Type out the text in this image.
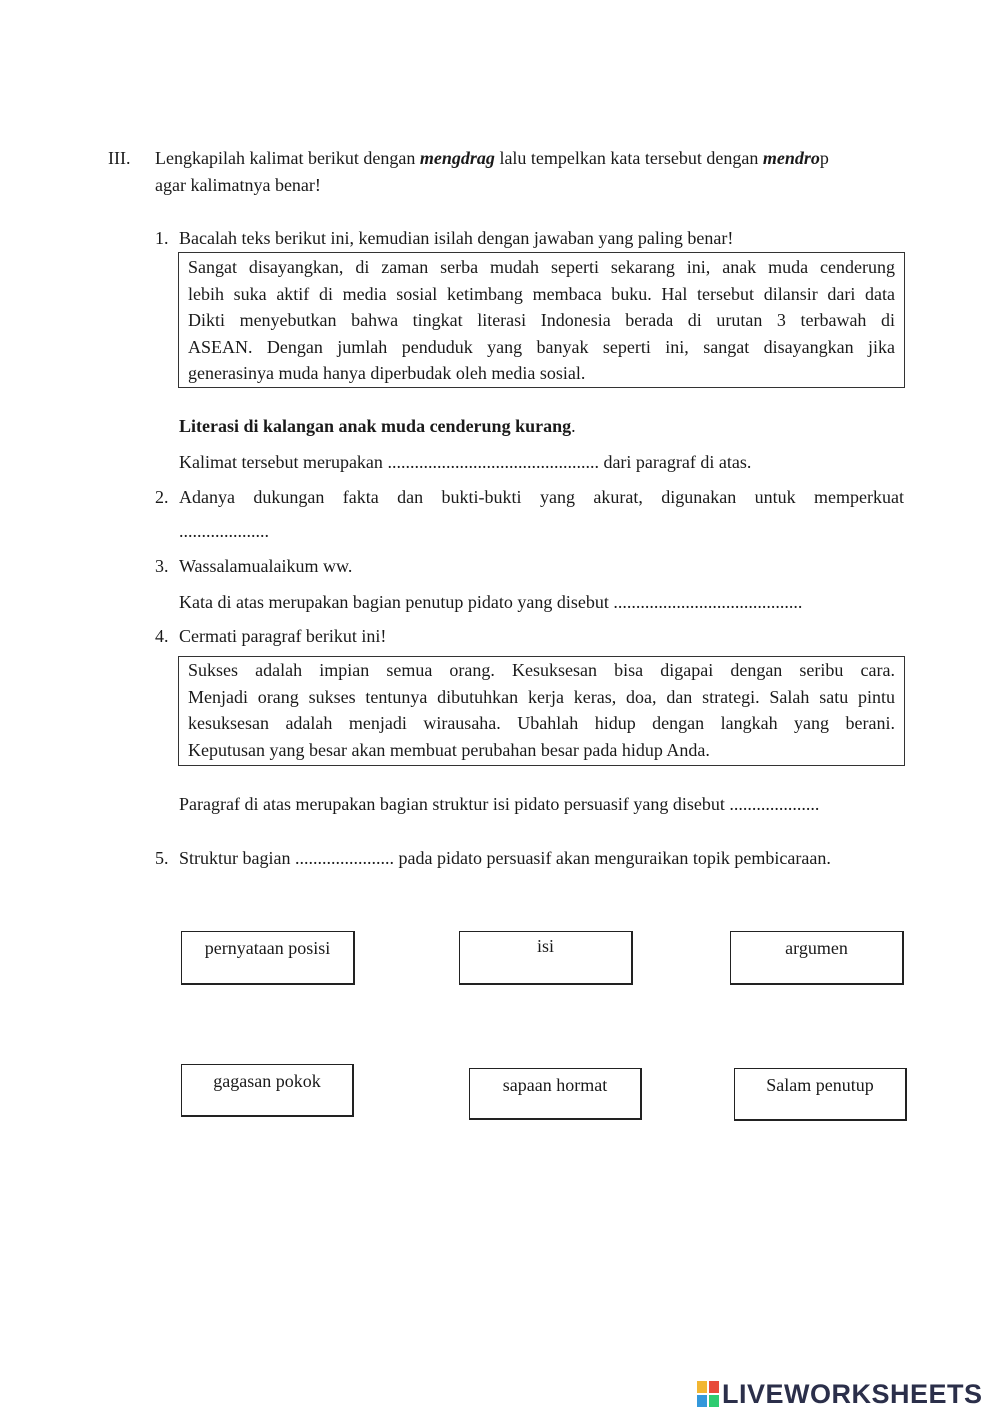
III. Lengkapilah kalimat berikut dengan mengdrag lalu tempelkan kata tersebut dengan mendrop
agar kalimatnya benar!
1. Bacalah teks berikut ini, kemudian isilah dengan jawaban yang paling benar!
Sangat disayangkan, di zaman serba mudah seperti sekarang ini, anak muda cenderung
lebih suka aktif di media sosial ketimbang membaca buku. Hal tersebut dilansir dari data
Dikti menyebutkan bahwa tingkat literasi Indonesia berada di urutan 3 terbawah di
ASEAN. Dengan jumlah penduduk yang banyak seperti ini, sangat disayangkan jika
generasinya muda hanya diperbudak oleh media sosial.
Literasi di kalangan anak muda cenderung kurang.
Kalimat tersebut merupakan ............................................... dari paragraf di atas.
2. Adanya dukungan fakta dan bukti-bukti yang akurat, digunakan untuk memperkuat
....................
3. Wassalamualaikum ww.
Kata di atas merupakan bagian penutup pidato yang disebut ..........................................
4. Cermati paragraf berikut ini!
Sukses adalah impian semua orang. Kesuksesan bisa digapai dengan seribu cara.
Menjadi orang sukses tentunya dibutuhkan kerja keras, doa, dan strategi. Salah satu pintu
kesuksesan adalah menjadi wirausaha. Ubahlah hidup dengan langkah yang berani.
Keputusan yang besar akan membuat perubahan besar pada hidup Anda.
Paragraf di atas merupakan bagian struktur isi pidato persuasif yang disebut ....................
5. Struktur bagian ...................... pada pidato persuasif akan menguraikan topik pembicaraan.
pernyataan posisi	isi	argumen
gagasan pokok	sapaan hormat	Salam penutup
LIVEWORKSHEETS
